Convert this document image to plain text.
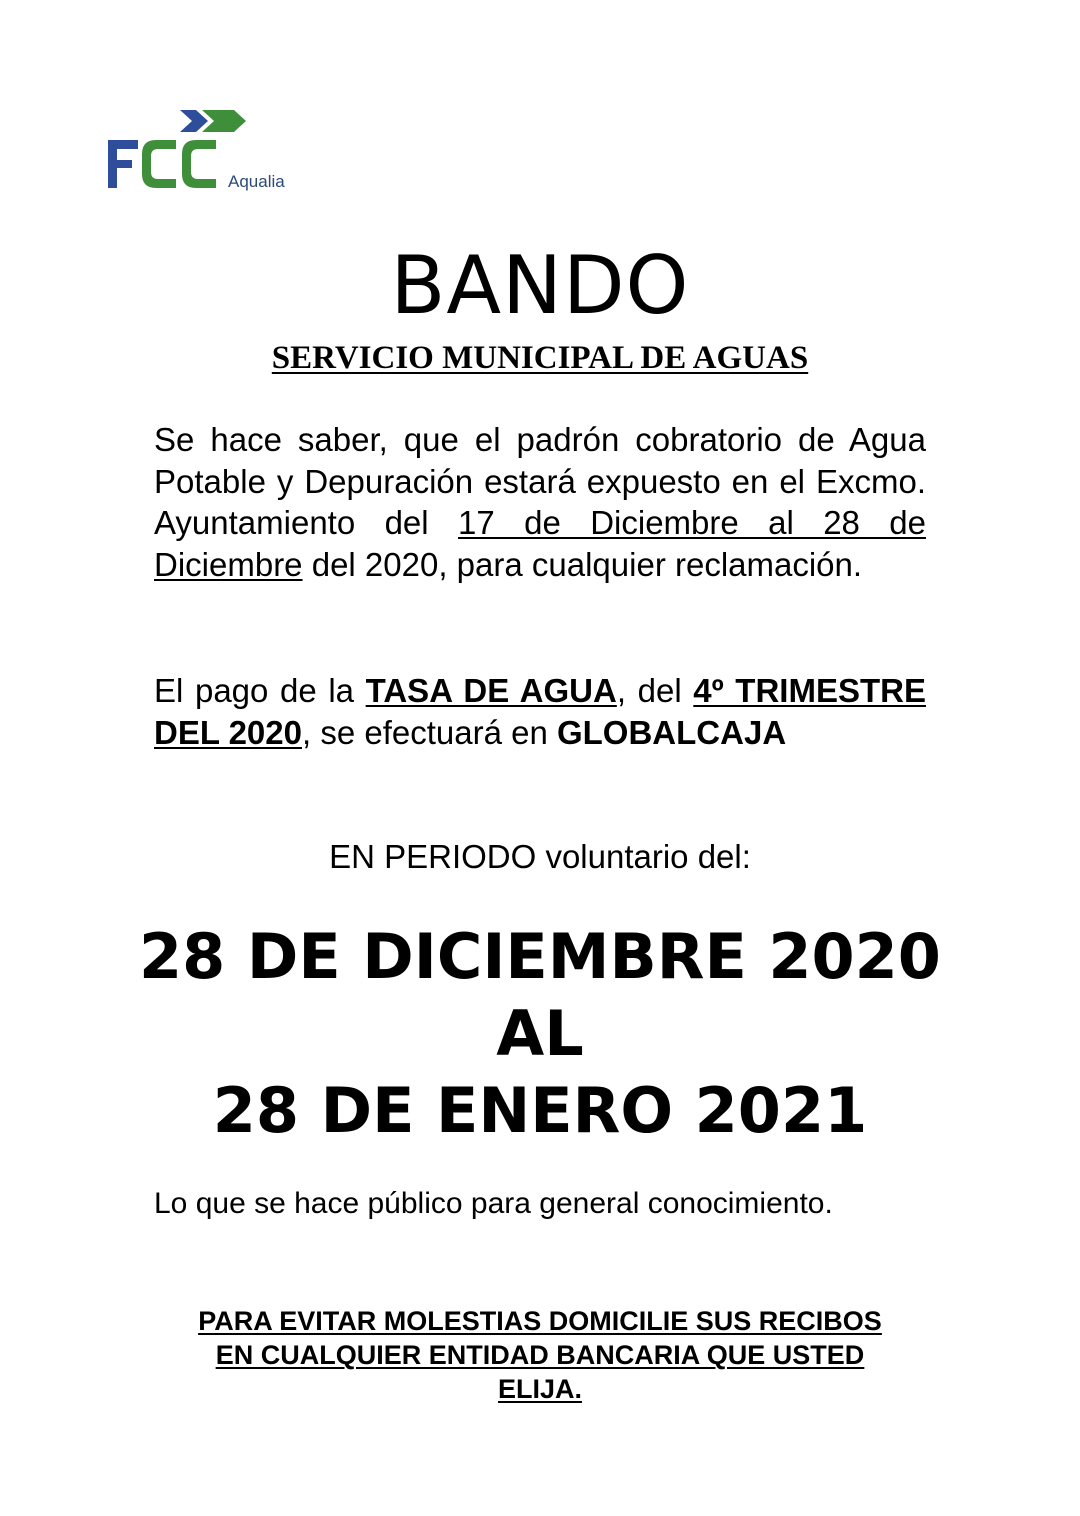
Aqualia
BANDO
SERVICIO MUNICIPAL DE AGUAS
Se hace saber, que el padrón cobratorio de Agua Potable y Depuración estará expuesto en el Excmo. Ayuntamiento del 17 de Diciembre al 28 de Diciembre del 2020, para cualquier reclamación.
El pago de la TASA DE AGUA, del 4º TRIMESTRE DEL 2020, se efectuará en GLOBALCAJA
EN PERIODO voluntario del:
28 DE DICIEMBRE 2020
AL
28 DE ENERO 2021
Lo que se hace público para general conocimiento.
PARA EVITAR MOLESTIAS DOMICILIE SUS RECIBOS
EN CUALQUIER ENTIDAD BANCARIA QUE USTED
ELIJA.
